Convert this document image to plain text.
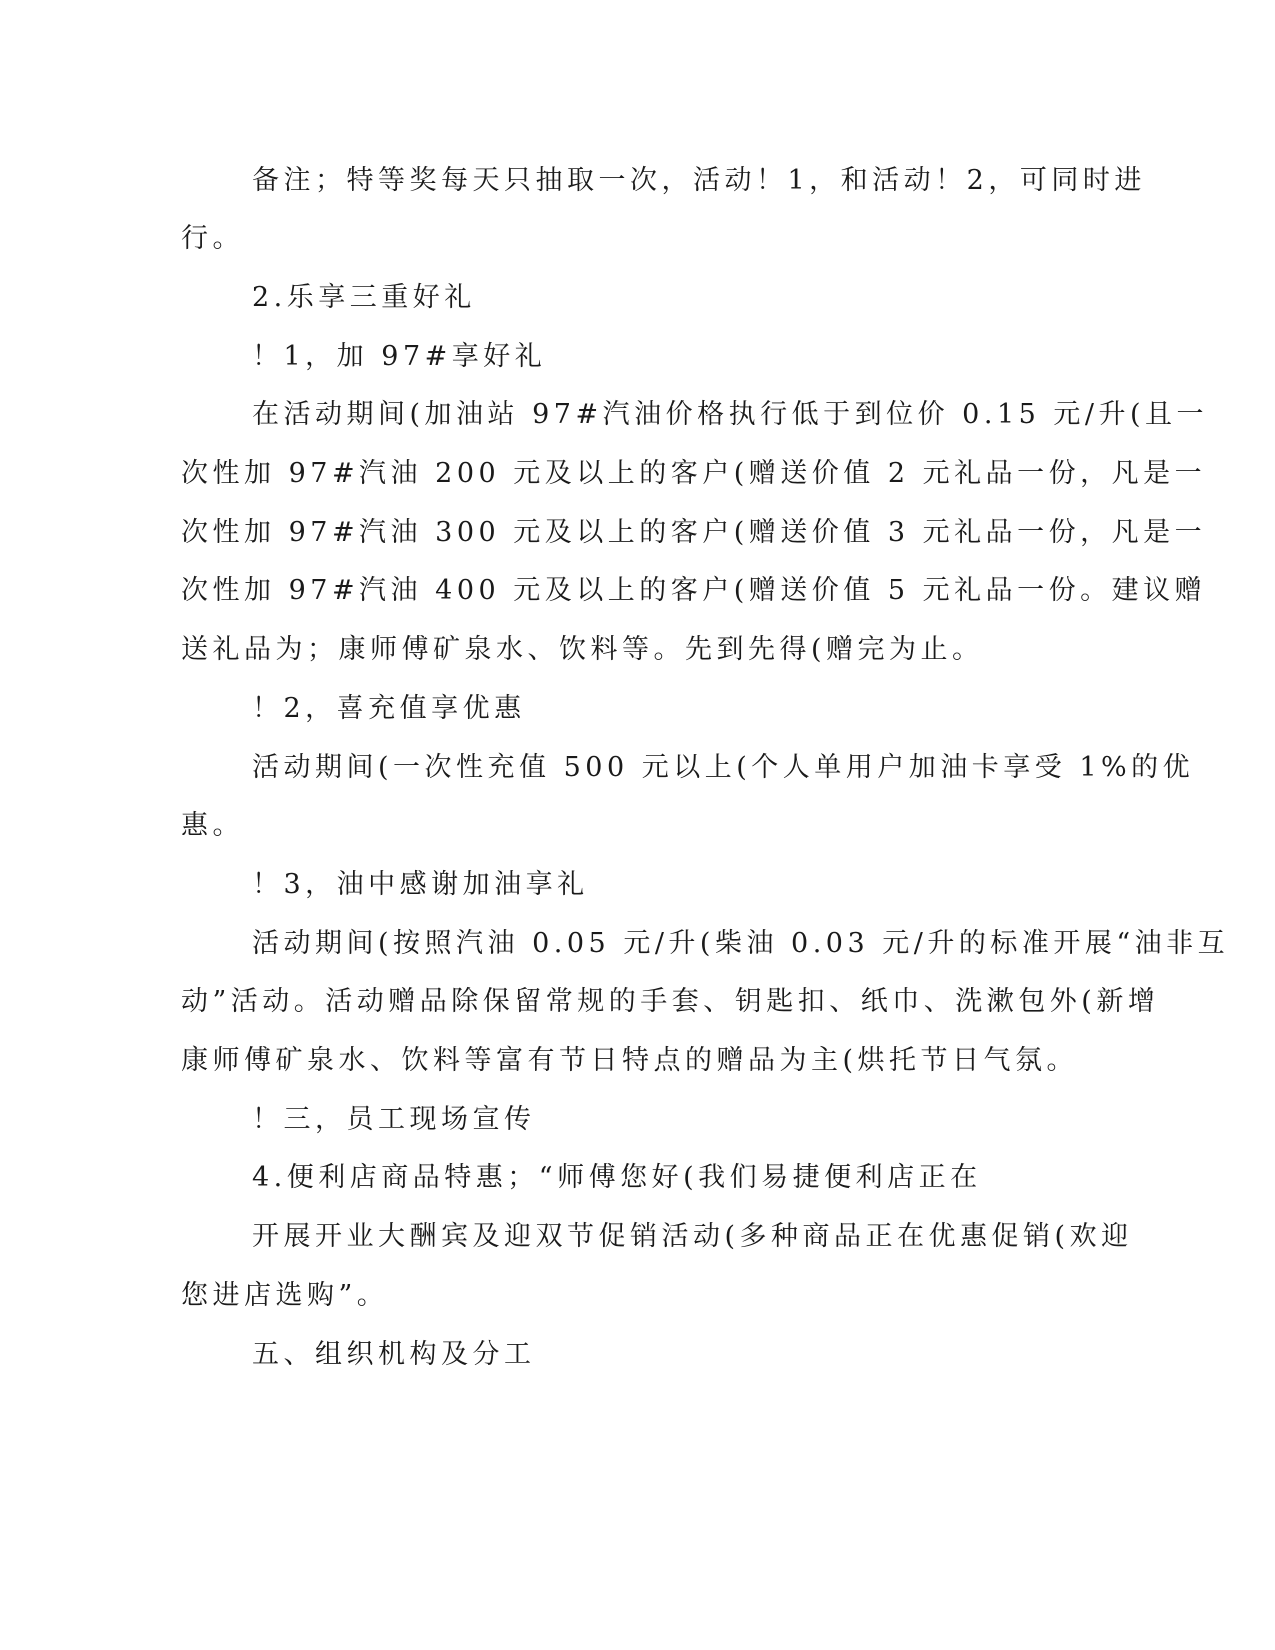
备注；特等奖每天只抽取一次，活动！1，和活动！2，可同时进
行。
2.乐享三重好礼
！1，加 97#享好礼
在活动期间(加油站 97#汽油价格执行低于到位价 0.15 元/升(且一
次性加 97#汽油 200 元及以上的客户(赠送价值 2 元礼品一份，凡是一
次性加 97#汽油 300 元及以上的客户(赠送价值 3 元礼品一份，凡是一
次性加 97#汽油 400 元及以上的客户(赠送价值 5 元礼品一份。建议赠
送礼品为；康师傅矿泉水、饮料等。先到先得(赠完为止。
！2，喜充值享优惠
活动期间(一次性充值 500 元以上(个人单用户加油卡享受 1%的优
惠。
！3，油中感谢加油享礼
活动期间(按照汽油 0.05 元/升(柴油 0.03 元/升的标准开展“油非互
动”活动。活动赠品除保留常规的手套、钥匙扣、纸巾、洗漱包外(新增
康师傅矿泉水、饮料等富有节日特点的赠品为主(烘托节日气氛。
！三，员工现场宣传
4.便利店商品特惠；“师傅您好(我们易捷便利店正在
开展开业大酬宾及迎双节促销活动(多种商品正在优惠促销(欢迎
您进店选购”。
五、组织机构及分工
